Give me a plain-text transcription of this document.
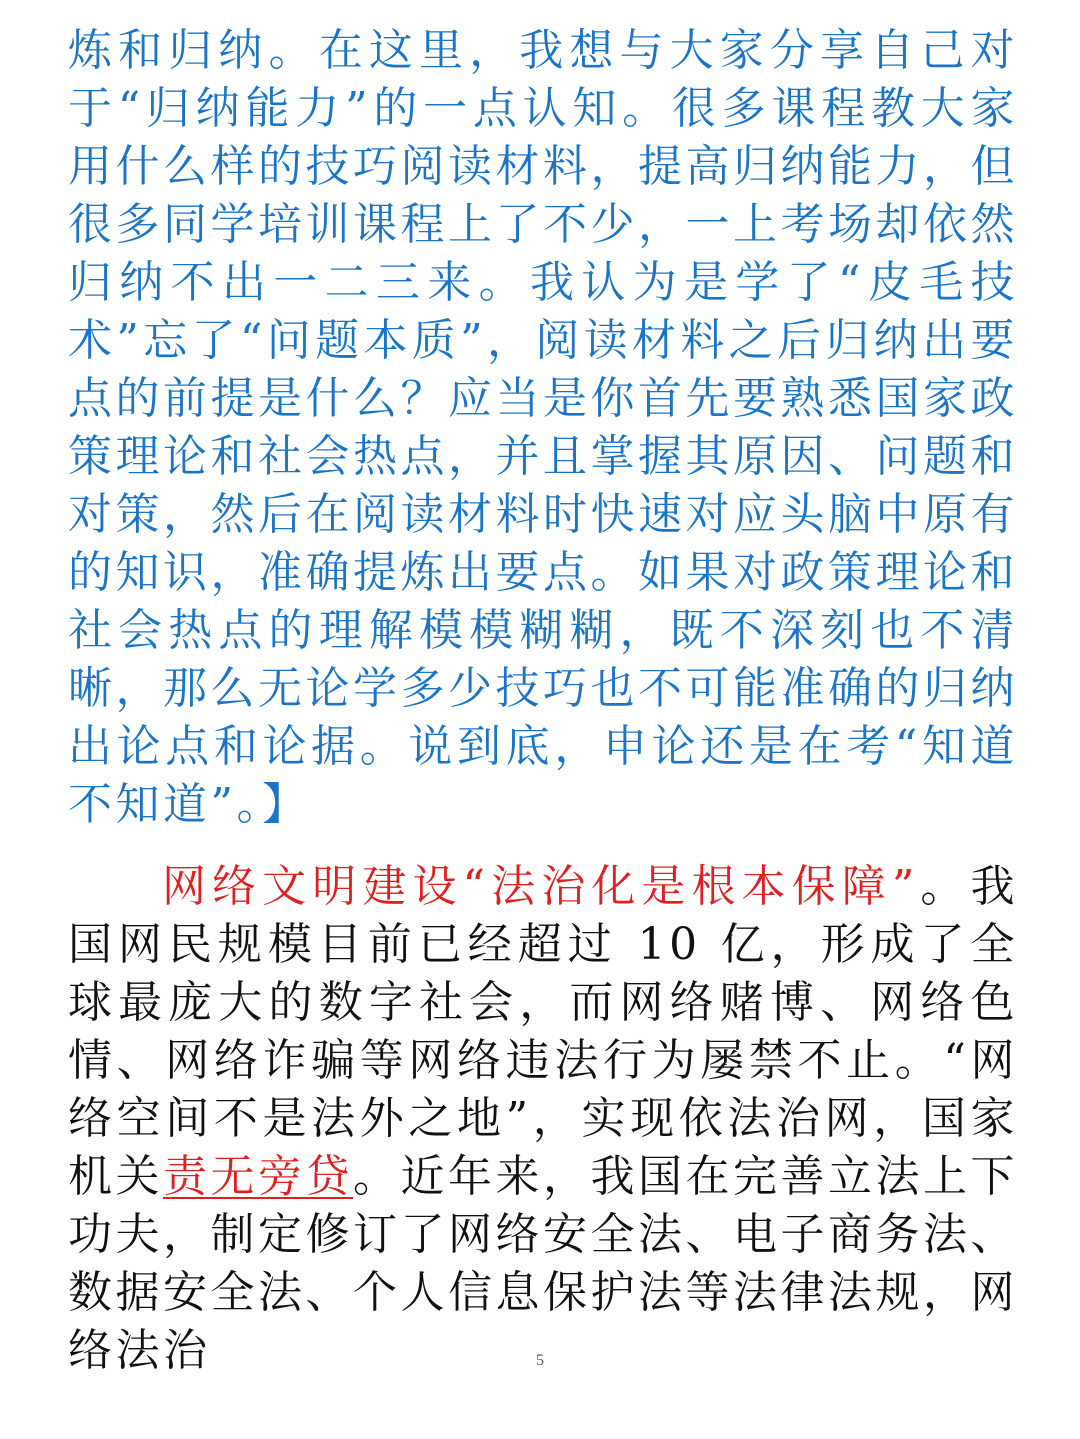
炼和归纳。在这里，我想与大家分享自己对于“归纳能力”的一点认知。很多课程教大家用什么样的技巧阅读材料，提高归纳能力，但很多同学培训课程上了不少，一上考场却依然归纳不出一二三来。我认为是学了“皮毛技术”忘了“问题本质”，阅读材料之后归纳出要点的前提是什么？应当是你首先要熟悉国家政策理论和社会热点，并且掌握其原因、问题和对策，然后在阅读材料时快速对应头脑中原有的知识，准确提炼出要点。如果对政策理论和社会热点的理解模模糊糊，既不深刻也不清晰，那么无论学多少技巧也不可能准确的归纳出论点和论据。说到底，申论还是在考“知道不知道”。】

网络文明建设“法治化是根本保障”。我国网民规模目前已经超过 10 亿，形成了全球最庞大的数字社会，而网络赌博、网络色情、网络诈骗等网络违法行为屡禁不止。“网络空间不是法外之地”，实现依法治网，国家机关责无旁贷。近年来，我国在完善立法上下功夫，制定修订了网络安全法、电子商务法、数据安全法、个人信息保护法等法律法规，网络法治	5
